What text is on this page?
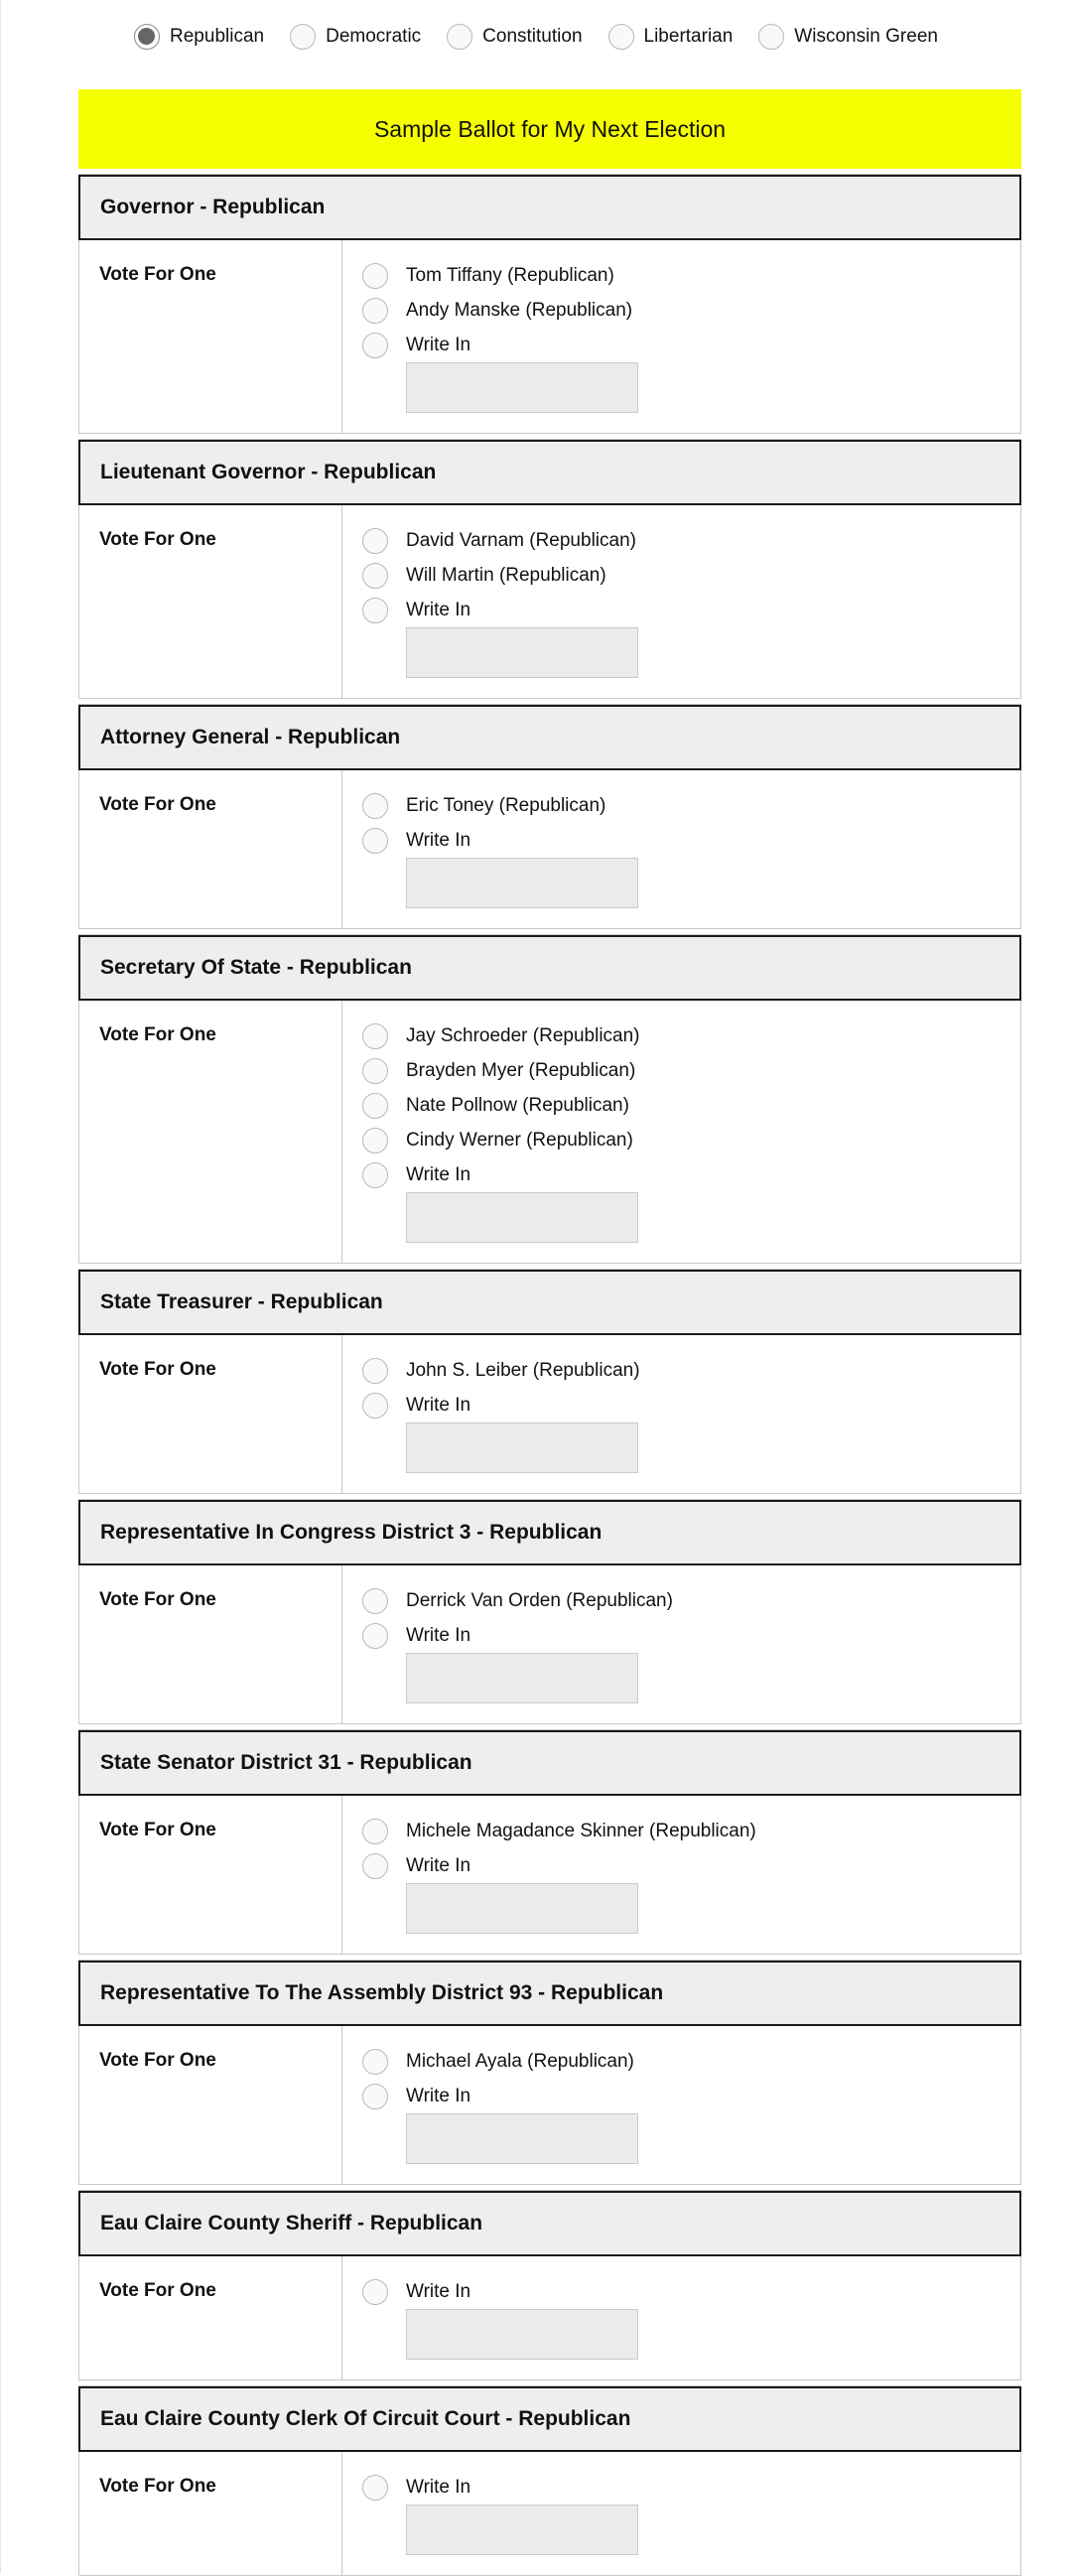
Republican	Democratic	Constitution	Libertarian	Wisconsin Green
Sample Ballot for My Next Election
Governor - Republican
Vote For One	Tom Tiffany (Republican)
Andy Manske (Republican)
Write In
Lieutenant Governor - Republican
Vote For One	David Varnam (Republican)
Will Martin (Republican)
Write In
Attorney General - Republican
Vote For One	Eric Toney (Republican)
Write In
Secretary Of State - Republican
Vote For One	Jay Schroeder (Republican)
Brayden Myer (Republican)
Nate Pollnow (Republican)
Cindy Werner (Republican)
Write In
State Treasurer - Republican
Vote For One	John S. Leiber (Republican)
Write In
Representative In Congress District 3 - Republican
Vote For One	Derrick Van Orden (Republican)
Write In
State Senator District 31 - Republican
Vote For One	Michele Magadance Skinner (Republican)
Write In
Representative To The Assembly District 93 - Republican
Vote For One	Michael Ayala (Republican)
Write In
Eau Claire County Sheriff - Republican
Vote For One	Write In
Eau Claire County Clerk Of Circuit Court - Republican
Vote For One	Write In
